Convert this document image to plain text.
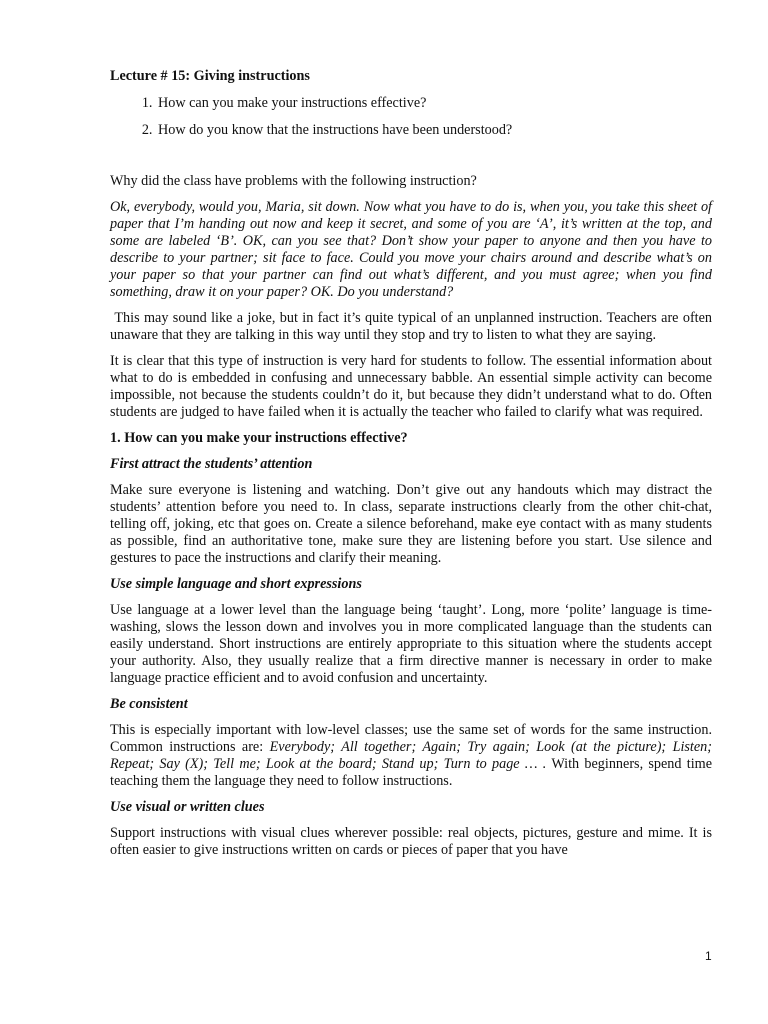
Lecture # 15: Giving instructions
1. How can you make your instructions effective?
2. How do you know that the instructions have been understood?
Why did the class have problems with the following instruction?
Ok, everybody, would you, Maria, sit down. Now what you have to do is, when you, you take this sheet of paper that I’m handing out now and keep it secret, and some of you are ‘A’, it’s written at the top, and some are labeled ‘B’. OK, can you see that? Don’t show your paper to anyone and then you have to describe to your partner; sit face to face. Could you move your chairs around and describe what’s on your paper so that your partner can find out what’s different, and you must agree; when you find something, draw it on your paper? OK. Do you understand?
This may sound like a joke, but in fact it’s quite typical of an unplanned instruction. Teachers are often unaware that they are talking in this way until they stop and try to listen to what they are saying.
It is clear that this type of instruction is very hard for students to follow. The essential information about what to do is embedded in confusing and unnecessary babble. An essential simple activity can become impossible, not because the students couldn’t do it, but because they didn’t understand what to do. Often students are judged to have failed when it is actually the teacher who failed to clarify what was required.
1. How can you make your instructions effective?
First attract the students’ attention
Make sure everyone is listening and watching. Don’t give out any handouts which may distract the students’ attention before you need to. In class, separate instructions clearly from the other chit-chat, telling off, joking, etc that goes on. Create a silence beforehand, make eye contact with as many students as possible, find an authoritative tone, make sure they are listening before you start. Use silence and gestures to pace the instructions and clarify their meaning.
Use simple language and short expressions
Use language at a lower level than the language being ‘taught’. Long, more ‘polite’ language is time-washing, slows the lesson down and involves you in more complicated language than the students can easily understand. Short instructions are entirely appropriate to this situation where the students accept your authority. Also, they usually realize that a firm directive manner is necessary in order to make language practice efficient and to avoid confusion and uncertainty.
Be consistent
This is especially important with low-level classes; use the same set of words for the same instruction. Common instructions are: Everybody; All together; Again; Try again; Look (at the picture); Listen; Repeat; Say (X); Tell me; Look at the board; Stand up; Turn to page … . With beginners, spend time teaching them the language they need to follow instructions.
Use visual or written clues
Support instructions with visual clues wherever possible: real objects, pictures, gesture and mime. It is often easier to give instructions written on cards or pieces of paper that you have
1
